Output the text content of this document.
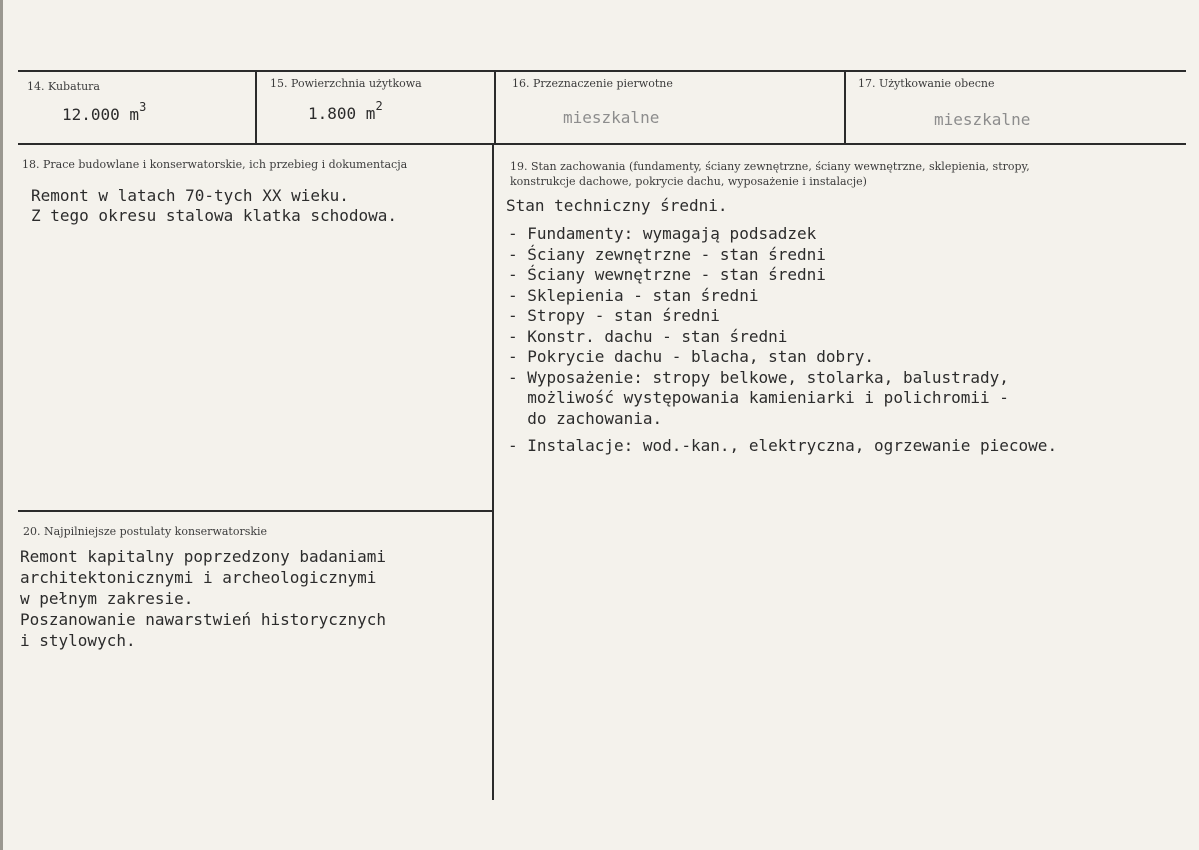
14. Kubatura
12.000 $m^3$
15. Powierzchnia użytkowa
1.800 $m^2$
16. Przeznaczenie pierwotne
mieszkalne
17. Użytkowanie obecne
mieszkalne
18. Prace budowlane i konserwatorskie, ich przebieg i dokumentacja
Remont w latach 70-tych XX wieku.
Z tego okresu stalowa klatka schodowa.
19. Stan zachowania (fundamenty, ściany zewnętrzne, ściany wewnętrzne, sklepienia, stropy,
konstrukcje dachowe, pokrycie dachu, wyposażenie i instalacje)
Stan techniczny średni.
- Fundamenty: wymagają podsadzek
- Ściany zewnętrzne - stan średni
- Ściany wewnętrzne - stan średni
- Sklepienia - stan średni
- Stropy - stan średni
- Konstr. dachu - stan średni
- Pokrycie dachu - blacha, stan dobry.
- Wyposażenie: stropy belkowe, stolarka, balustrady,
możliwość występowania kamieniarki i polichromii -
do zachowania.
- Instalacje: wod.-kan., elektryczna, ogrzewanie piecowe.
20. Najpilniejsze postulaty konserwatorskie
Remont kapitalny poprzedzony badaniami
architektonicznymi i archeologicznymi
w pełnym zakresie.
Poszanowanie nawarstwień historycznych
i stylowych.
